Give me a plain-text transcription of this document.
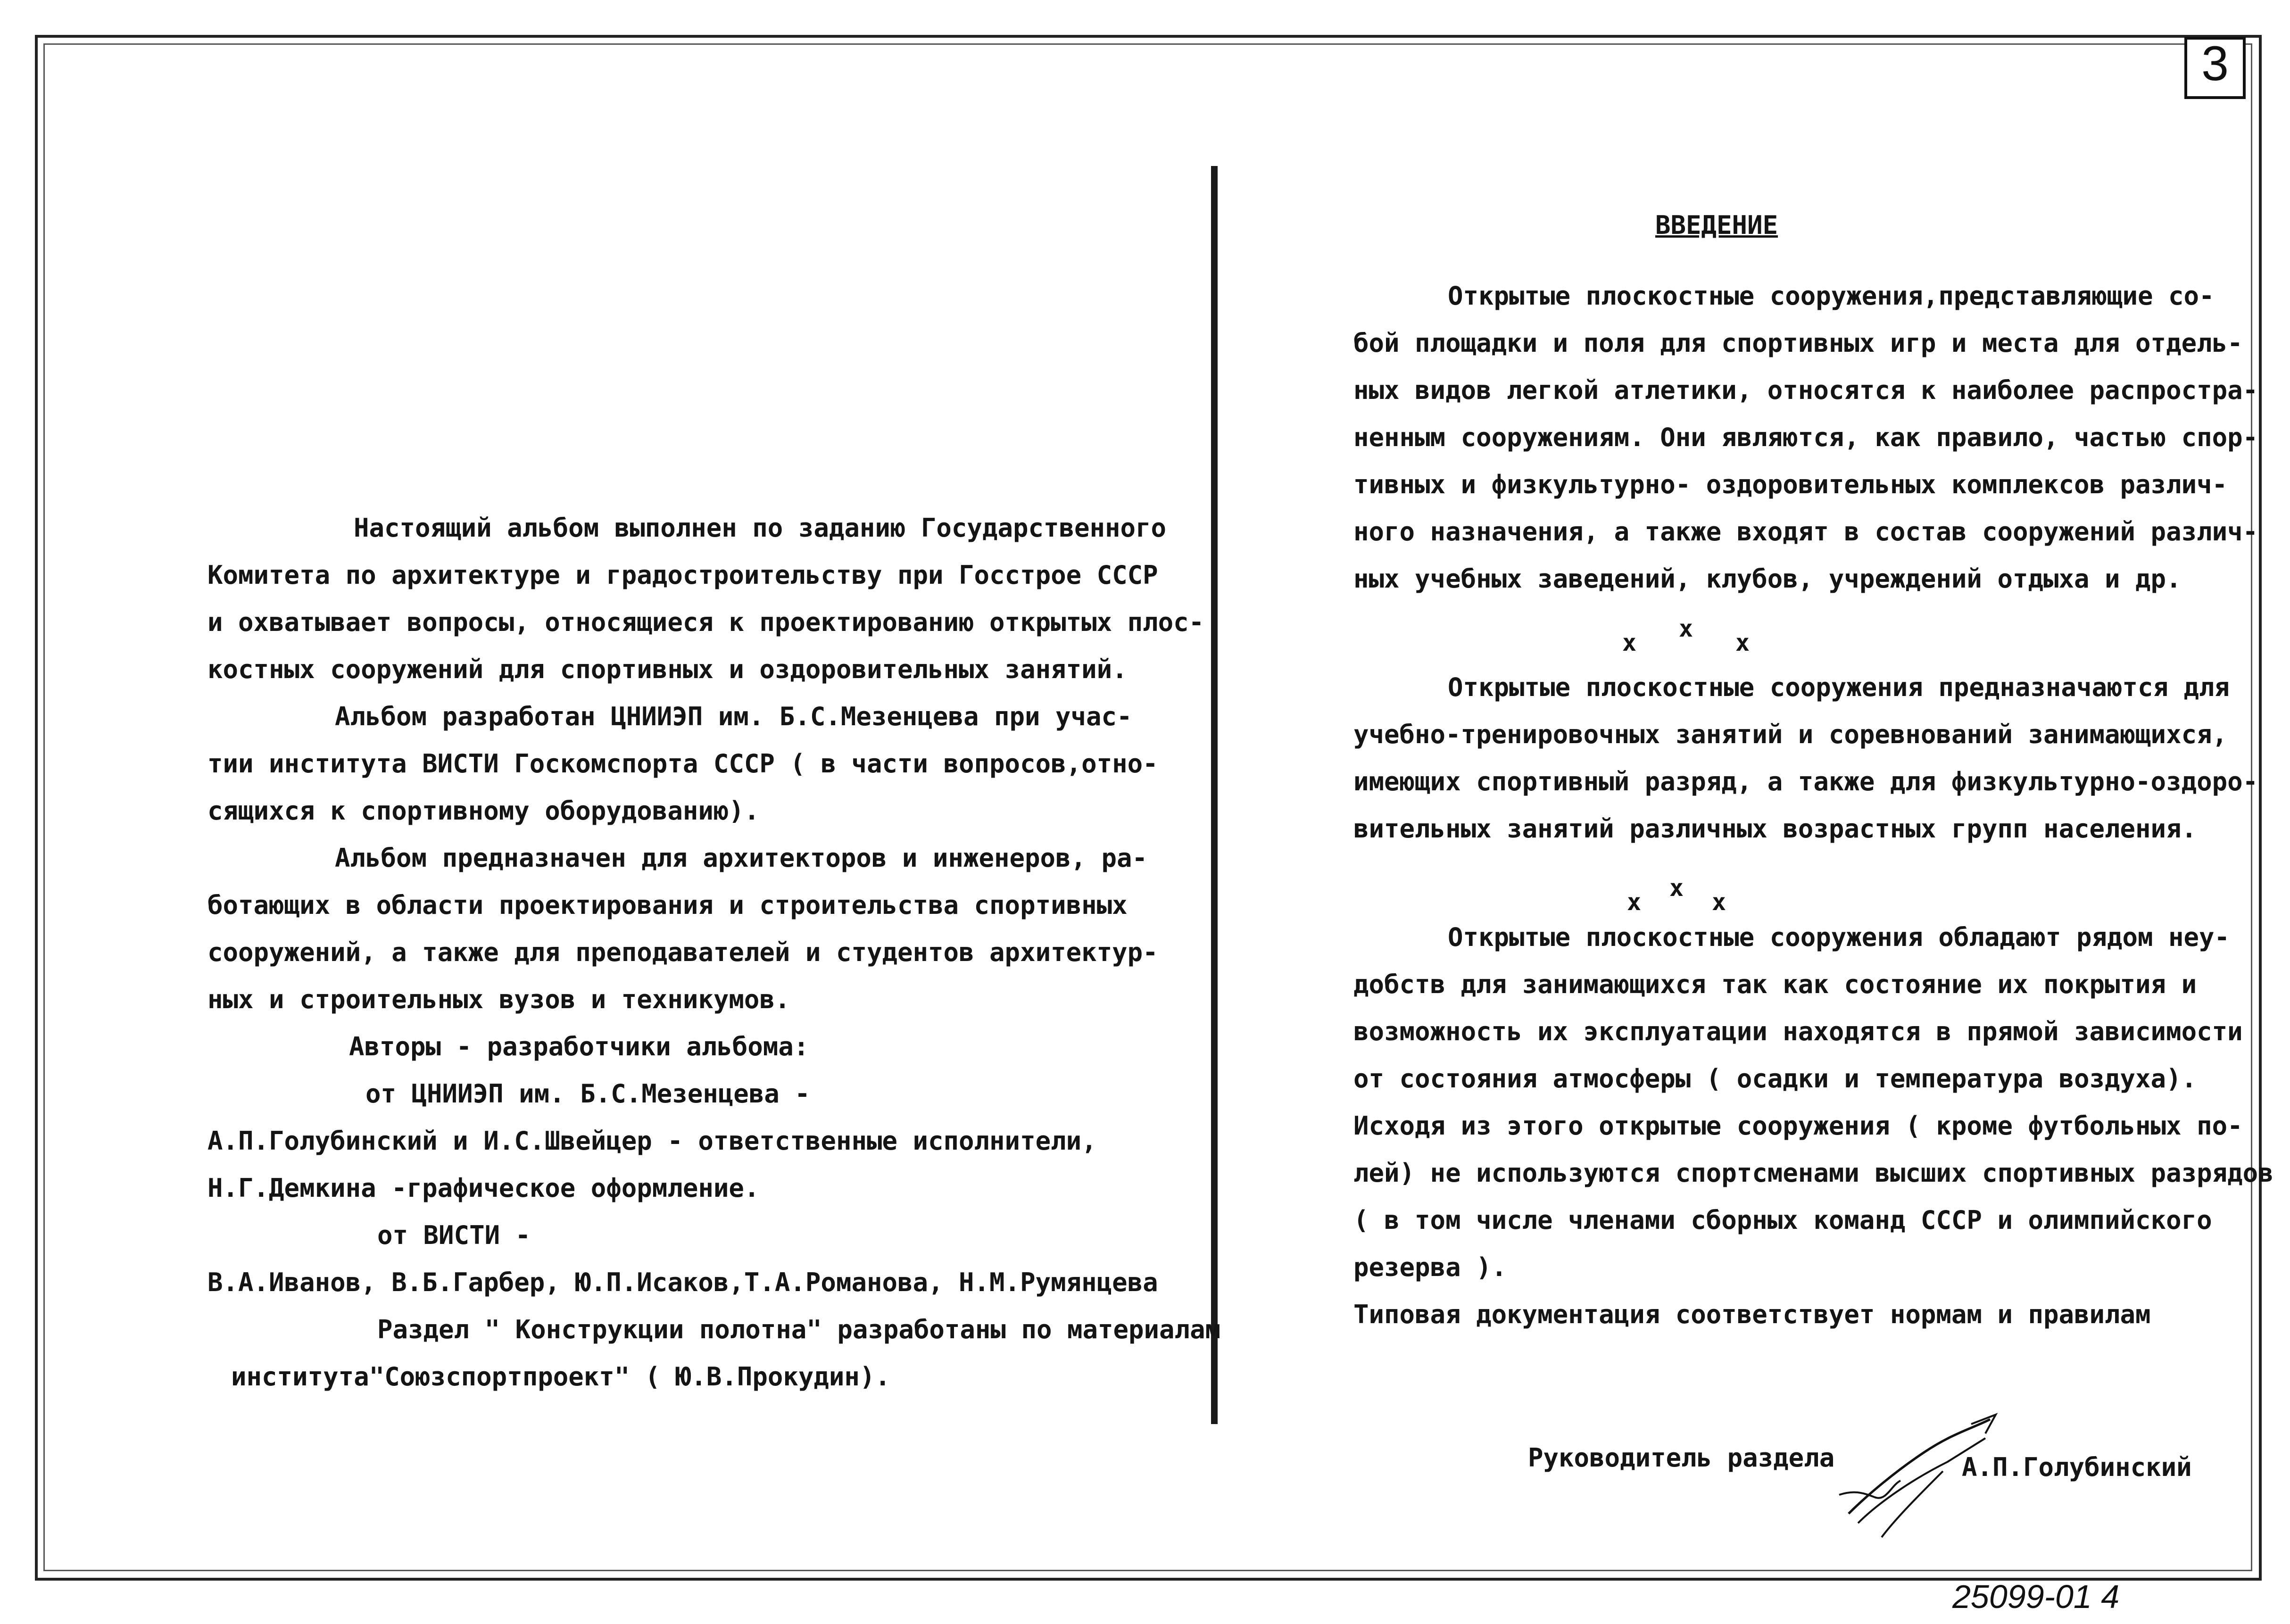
3

Настоящий альбом выполнен по заданию Государственного

Комитета по архитектуре и градостроительству при Госстрое СССР

и охватывает вопросы, относящиеся к проектированию открытых плос-

костных сооружений для спортивных и оздоровительных занятий.

Альбом разработан ЦНИИЭП им. Б.С.Мезенцева при учас-

тии института ВИСТИ Госкомспорта СССР ( в части вопросов,отно-

сящихся к спортивному оборудованию).

Альбом предназначен для архитекторов и инженеров, ра-

ботающих в области проектирования и строительства спортивных

сооружений, а также для преподавателей и студентов архитектур-

ных и строительных вузов и техникумов.

Авторы - разработчики альбома:

от ЦНИИЭП им. Б.С.Мезенцева -

А.П.Голубинский и И.С.Швейцер - ответственные исполнители,

Н.Г.Демкина -графическое оформление.

от ВИСТИ -

В.А.Иванов, В.Б.Гарбер, Ю.П.Исаков,Т.А.Романова, Н.М.Румянцева

Раздел " Конструкции полотна" разработаны по материалам

института"Союзспортпроект" ( Ю.В.Прокудин).

ВВЕДЕНИЕ

Открытые плоскостные сооружения,представляющие со-

бой площадки и поля для спортивных игр и места для отдель-

ных видов легкой атлетики, относятся к наиболее распростра-

ненным сооружениям. Они являются, как правило, частью спор-

тивных и физкультурно- оздоровительных комплексов различ-

ного назначения, а также входят в состав сооружений различ-

ных учебных заведений, клубов, учреждений отдыха и др.

x
x
x

Открытые плоскостные сооружения предназначаются для

учебно-тренировочных занятий и соревнований занимающихся,

имеющих спортивный разряд, а также для физкультурно-оздоро-

вительных занятий различных возрастных групп населения.

x
x
x

Открытые плоскостные сооружения обладают рядом неу-

добств для занимающихся так как состояние их покрытия и

возможность их эксплуатации находятся в прямой зависимости

от состояния атмосферы ( осадки и температура воздуха).

Исходя из этого открытые сооружения ( кроме футбольных по-

лей) не используются спортсменами высших спортивных разрядов

( в том числе членами сборных команд СССР и олимпийского

резерва ).

Типовая документация соответствует нормам и правилам

Руководитель раздела	А.П.Голубинский
25099-01 4
